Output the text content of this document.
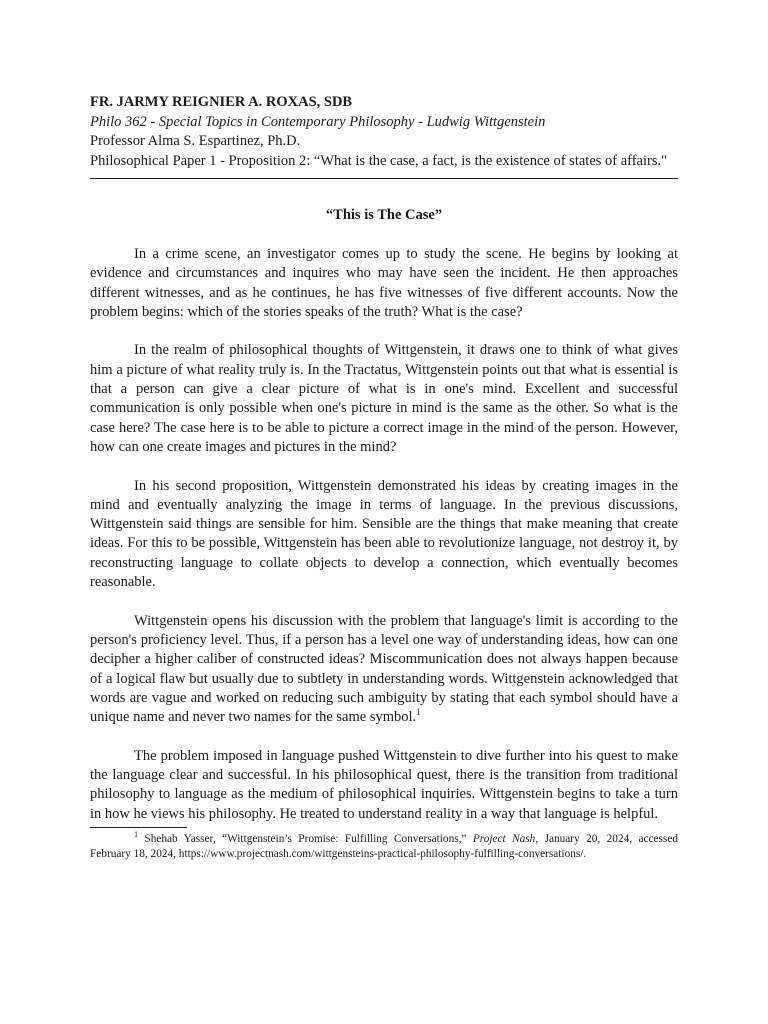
FR. JARMY REIGNIER A. ROXAS, SDB

Philo 362 - Special Topics in Contemporary Philosophy - Ludwig Wittgenstein

Professor Alma S. Espartinez, Ph.D.

Philosophical Paper 1 - Proposition 2: “What is the case, a fact, is the existence of states of affairs."

“This is The Case”

In a crime scene, an investigator comes up to study the scene. He begins by looking at evidence and circumstances and inquires who may have seen the incident. He then approaches different witnesses, and as he continues, he has five witnesses of five different accounts. Now the problem begins: which of the stories speaks of the truth? What is the case?

In the realm of philosophical thoughts of Wittgenstein, it draws one to think of what gives him a picture of what reality truly is. In the Tractatus, Wittgenstein points out that what is essential is that a person can give a clear picture of what is in one's mind. Excellent and successful communication is only possible when one's picture in mind is the same as the other. So what is the case here? The case here is to be able to picture a correct image in the mind of the person. However, how can one create images and pictures in the mind?

In his second proposition, Wittgenstein demonstrated his ideas by creating images in the mind and eventually analyzing the image in terms of language. In the previous discussions, Wittgenstein said things are sensible for him. Sensible are the things that make meaning that create ideas. For this to be possible, Wittgenstein has been able to revolutionize language, not destroy it, by reconstructing language to collate objects to develop a connection, which eventually becomes reasonable.

Wittgenstein opens his discussion with the problem that language's limit is according to the person's proficiency level. Thus, if a person has a level one way of understanding ideas, how can one decipher a higher caliber of constructed ideas? Miscommunication does not always happen because of a logical flaw but usually due to subtlety in understanding words. Wittgenstein acknowledged that words are vague and worked on reducing such ambiguity by stating that each symbol should have a unique name and never two names for the same symbol.$^1$

The problem imposed in language pushed Wittgenstein to dive further into his quest to make the language clear and successful. In his philosophical quest, there is the transition from traditional philosophy to language as the medium of philosophical inquiries. Wittgenstein begins to take a turn in how he views his philosophy. He treated to understand reality in a way that language is helpful.

$^1$ Shehab Yasser, “Wittgenstein’s Promise: Fulfilling Conversations,” Project Nash, January 20, 2024, accessed February 18, 2024, https://www.projectnash.com/wittgensteins-practical-philosophy-fulfilling-conversations/.
